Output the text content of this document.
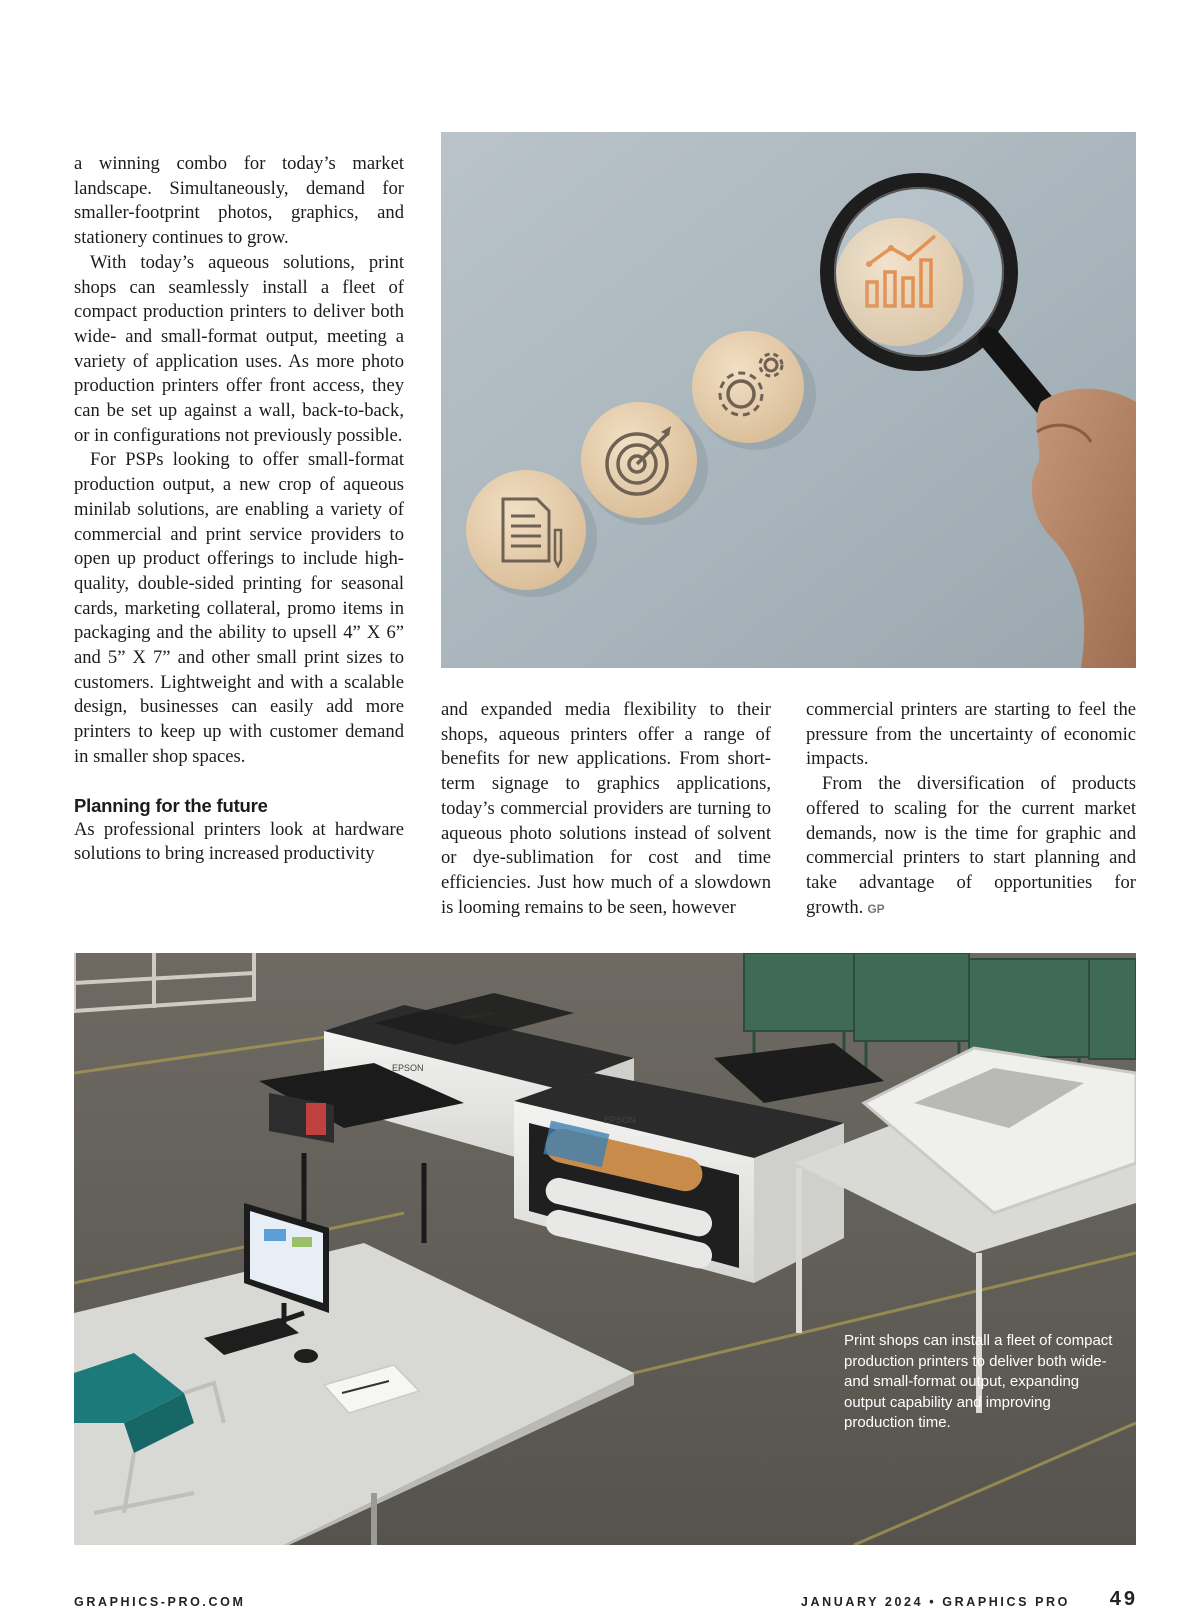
a winning combo for today’s market landscape. Simultaneously, demand for smaller-footprint photos, graphics, and stationery continues to grow.

With today’s aqueous solutions, print shops can seamlessly install a fleet of compact production printers to deliver both wide- and small-format output, meeting a variety of application uses. As more photo production printers offer front access, they can be set up against a wall, back-to-back, or in configurations not previously possible.

For PSPs looking to offer small-format production output, a new crop of aqueous minilab solutions, are enabling a variety of commercial and print service providers to open up product offerings to include high-quality, double-sided printing for seasonal cards, marketing collateral, promo items in packaging and the ability to upsell 4” X 6” and 5” X 7” and other small print sizes to customers. Lightweight and with a scalable design, businesses can easily add more printers to keep up with customer demand in smaller shop spaces.

Planning for the future

As professional printers look at hardware solutions to bring increased productivity

and expanded media flexibility to their shops, aqueous printers offer a range of benefits for new applications. From short-term signage to graphics applications, today’s commercial providers are turning to aqueous photo solutions instead of solvent or dye-sublimation for cost and time efficiencies. Just how much of a slowdown is looming remains to be seen, however

commercial printers are starting to feel the pressure from the uncertainty of economic impacts.

From the diversification of products offered to scaling for the current market demands, now is the time for graphic and commercial printers to start planning and take advantage of opportunities for growth. GP

EPSON
EPSON
Print shops can install a fleet of compact production printers to deliver both wide- and small-format output, expanding output capability and improving production time.
GRAPHICS-PRO.COM	JANUARY 2024 • GRAPHICS PRO 49
